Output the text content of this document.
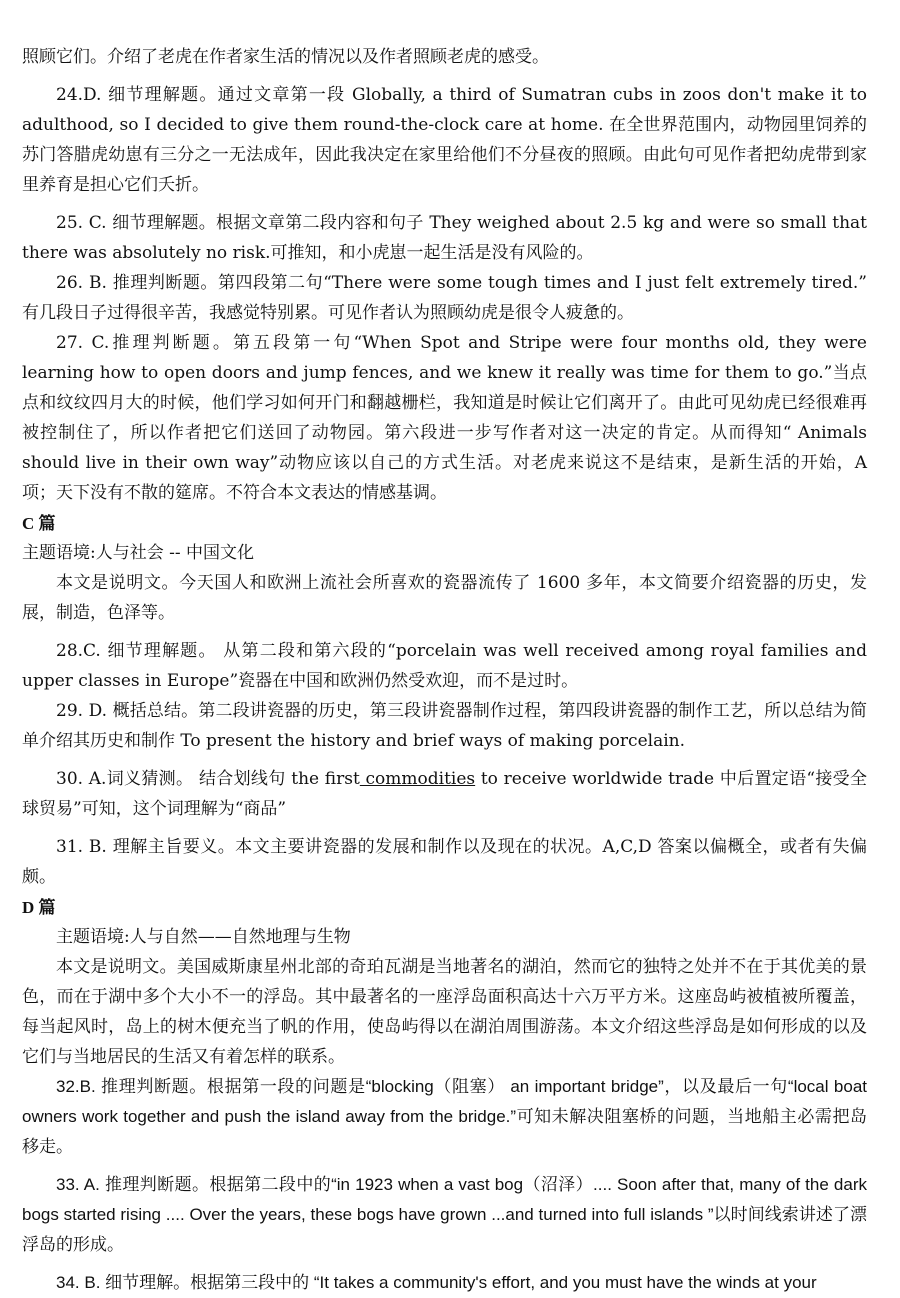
照顾它们。介绍了老虎在作者家生活的情况以及作者照顾老虎的感受。

24.D. 细节理解题。通过文章第一段 Globally, a third of Sumatran cubs in zoos don't make it to adulthood, so I decided to give them round-the-clock care at home. 在全世界范围内，动物园里饲养的苏门答腊虎幼崽有三分之一无法成年，因此我决定在家里给他们不分昼夜的照顾。由此句可见作者把幼虎带到家里养育是担心它们夭折。

25. C. 细节理解题。根据文章第二段内容和句子 They weighed about 2.5 kg and were so small that there was absolutely no risk.可推知，和小虎崽一起生活是没有风险的。

26. B. 推理判断题。第四段第二句“There were some tough times and I just felt extremely tired.” 有几段日子过得很辛苦，我感觉特别累。可见作者认为照顾幼虎是很令人疲惫的。

27. C.推理判断题。第五段第一句“When Spot and Stripe were four months old, they were learning how to open doors and jump fences, and we knew it really was time for them to go.”当点点和纹纹四月大的时候，他们学习如何开门和翻越栅栏，我知道是时候让它们离开了。由此可见幼虎已经很难再被控制住了，所以作者把它们送回了动物园。第六段进一步写作者对这一决定的肯定。从而得知“ Animals should live in their own way”动物应该以自己的方式生活。对老虎来说这不是结束，是新生活的开始，A 项；天下没有不散的筵席。不符合本文表达的情感基调。

C 篇

主题语境:人与社会 -- 中国文化

本文是说明文。今天国人和欧洲上流社会所喜欢的瓷器流传了 1600 多年，本文简要介绍瓷器的历史，发展，制造，色泽等。

28.C. 细节理解题。 从第二段和第六段的“porcelain was well received among royal families and upper classes in Europe”瓷器在中国和欧洲仍然受欢迎，而不是过时。

29. D. 概括总结。第二段讲瓷器的历史，第三段讲瓷器制作过程，第四段讲瓷器的制作工艺，所以总结为简单介绍其历史和制作 To present the history and brief ways of making porcelain.

30. A.词义猜测。 结合划线句 the first commodities to receive worldwide trade 中后置定语“接受全球贸易”可知，这个词理解为“商品”

31. B. 理解主旨要义。本文主要讲瓷器的发展和制作以及现在的状况。A,C,D 答案以偏概全，或者有失偏颇。

D 篇

主题语境:人与自然——自然地理与生物

本文是说明文。美国威斯康星州北部的奇珀瓦湖是当地著名的湖泊，然而它的独特之处并不在于其优美的景色，而在于湖中多个大小不一的浮岛。其中最著名的一座浮岛面积高达十六万平方米。这座岛屿被植被所覆盖，每当起风时，岛上的树木便充当了帆的作用，使岛屿得以在湖泊周围游荡。本文介绍这些浮岛是如何形成的以及它们与当地居民的生活又有着怎样的联系。

32.B. 推理判断题。根据第一段的问题是“blocking（阻塞） an important bridge”，以及最后一句“local boat owners work together and push the island away from the bridge.”可知未解决阻塞桥的问题，当地船主必需把岛移走。

33. A. 推理判断题。根据第二段中的“in 1923 when a vast bog（沼泽）.... Soon after that, many of the dark bogs started rising .... Over the years, these bogs have grown ...and turned into full islands ”以时间线索讲述了漂浮岛的形成。

34. B. 细节理解。根据第三段中的 “It takes a community's effort, and you must have the winds at your
